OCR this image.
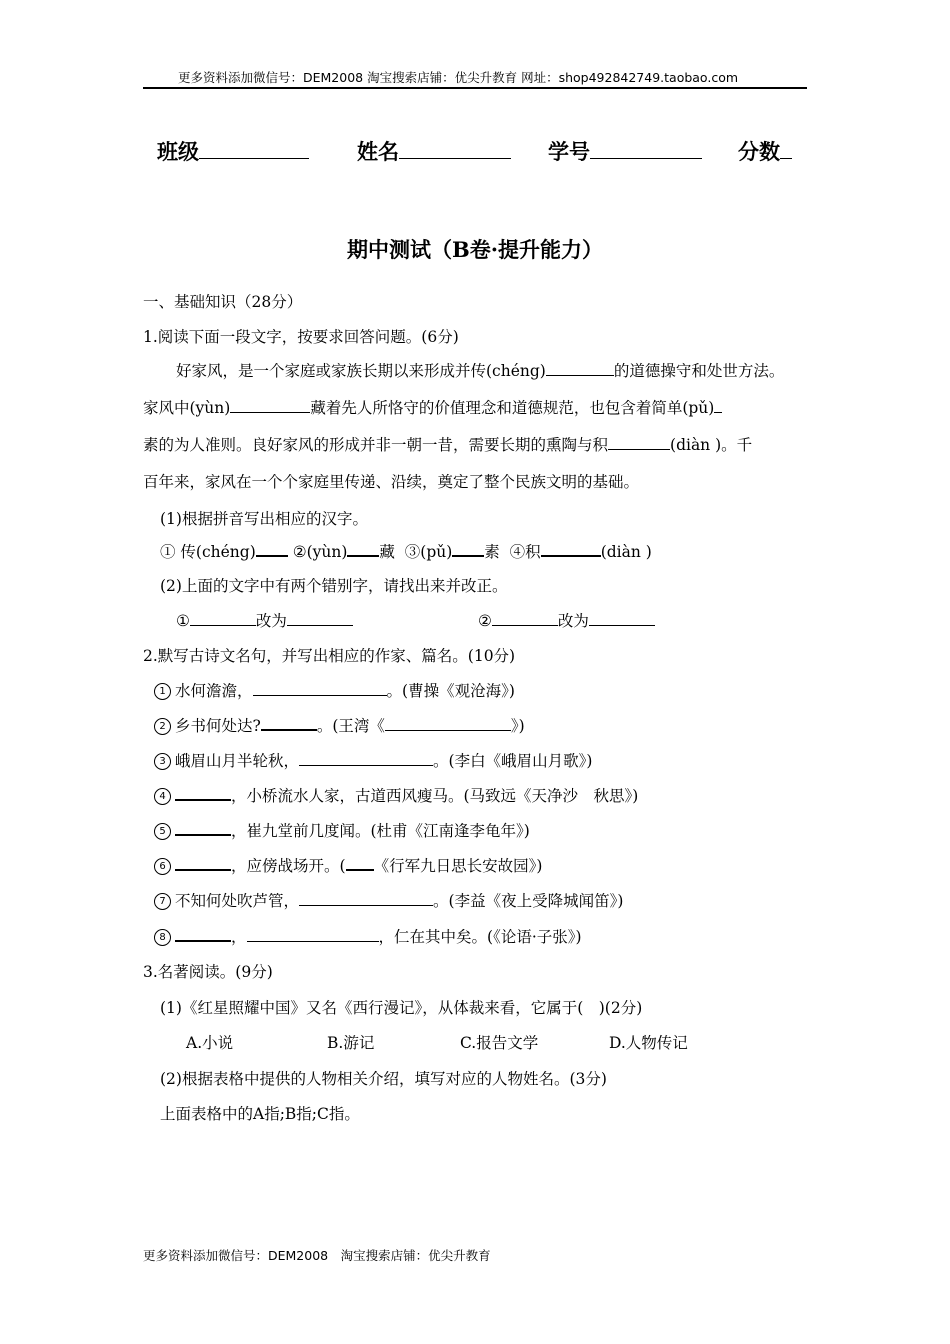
更多资料添加微信号：DEM2008 淘宝搜索店铺：优尖升教育 网址：shop492842749.taobao.com
班级	姓名	学号	分数
期中测试（B卷·提升能力）
一、基础知识（28分）
1.阅读下面一段文字，按要求回答问题。(6分)
好家风，是一个家庭或家族长期以来形成并传(chéng)	的道德操守和处世方法。
家风中(yùn)	藏着先人所恪守的价值理念和道德规范，也包含着简单(pǔ)
素的为人准则。良好家风的形成并非一朝一昔，需要长期的熏陶与积	(diàn )。千
百年来，家风在一个个家庭里传递、沿续，奠定了整个民族文明的基础。
(1)根据拼音写出相应的汉字。
① 传(chéng) ②(yùn) 藏 ③(pǔ) 素 ④积	(diàn )
(2)上面的文字中有两个错别字，请找出来并改正。
①	改为	②	改为
2.默写古诗文名句，并写出相应的作家、篇名。(10分)
1 水何澹澹，	。(曹操《观沧海》)
2 乡书何处达?	。(王湾《	》)
3 峨眉山月半轮秋，	。(李白《峨眉山月歌》)
4	，小桥流水人家，古道西风瘦马。(马致远《天净沙　秋思》)
5	，崔九堂前几度闻。(杜甫《江南逢李龟年》)
6	，应傍战场开。( 《行军九日思长安故园》)
7 不知何处吹芦管，	。(李益《夜上受降城闻笛》)
8	，	，仁在其中矣。(《论语·子张》)
3.名著阅读。(9分)
(1)《红星照耀中国》又名《西行漫记》，从体裁来看，它属于(　)(2分)
A.小说	B.游记	C.报告文学	D.人物传记
(2)根据表格中提供的人物相关介绍，填写对应的人物姓名。(3分)
上面表格中的A指;B指;C指。
更多资料添加微信号：DEM2008　淘宝搜索店铺：优尖升教育
